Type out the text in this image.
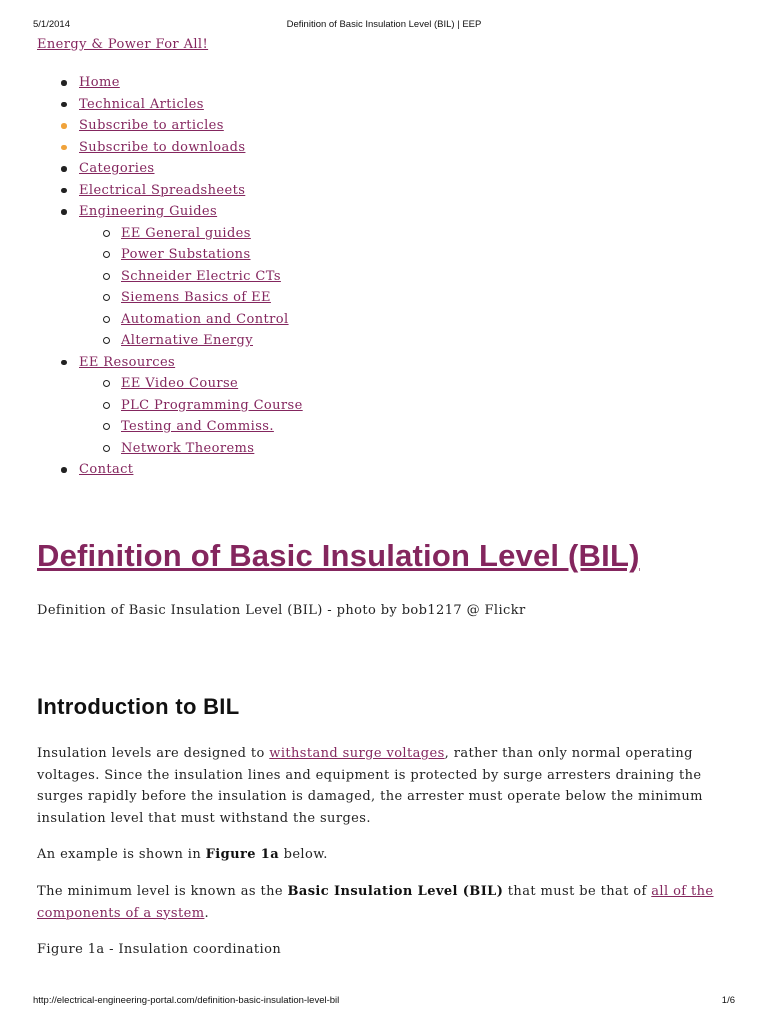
5/1/2014	Definition of Basic Insulation Level (BIL) | EEP
Energy & Power For All!
Home
Technical Articles
Subscribe to articles
Subscribe to downloads
Categories
Electrical Spreadsheets
Engineering Guides
EE General guides
Power Substations
Schneider Electric CTs
Siemens Basics of EE
Automation and Control
Alternative Energy
EE Resources
EE Video Course
PLC Programming Course
Testing and Commiss.
Network Theorems
Contact
Definition of Basic Insulation Level (BIL)
Definition of Basic Insulation Level (BIL) - photo by bob1217 @ Flickr
Introduction to BIL

Insulation levels are designed to withstand surge voltages, rather than only normal operating voltages. Since the insulation lines and equipment is protected by surge arresters draining the surges rapidly before the insulation is damaged, the arrester must operate below the minimum insulation level that must withstand the surges.

An example is shown in Figure 1a below.

The minimum level is known as the Basic Insulation Level (BIL) that must be that of all of the components of a system.

Figure 1a - Insulation coordination

http://electrical-engineering-portal.com/definition-basic-insulation-level-bil	1/6
